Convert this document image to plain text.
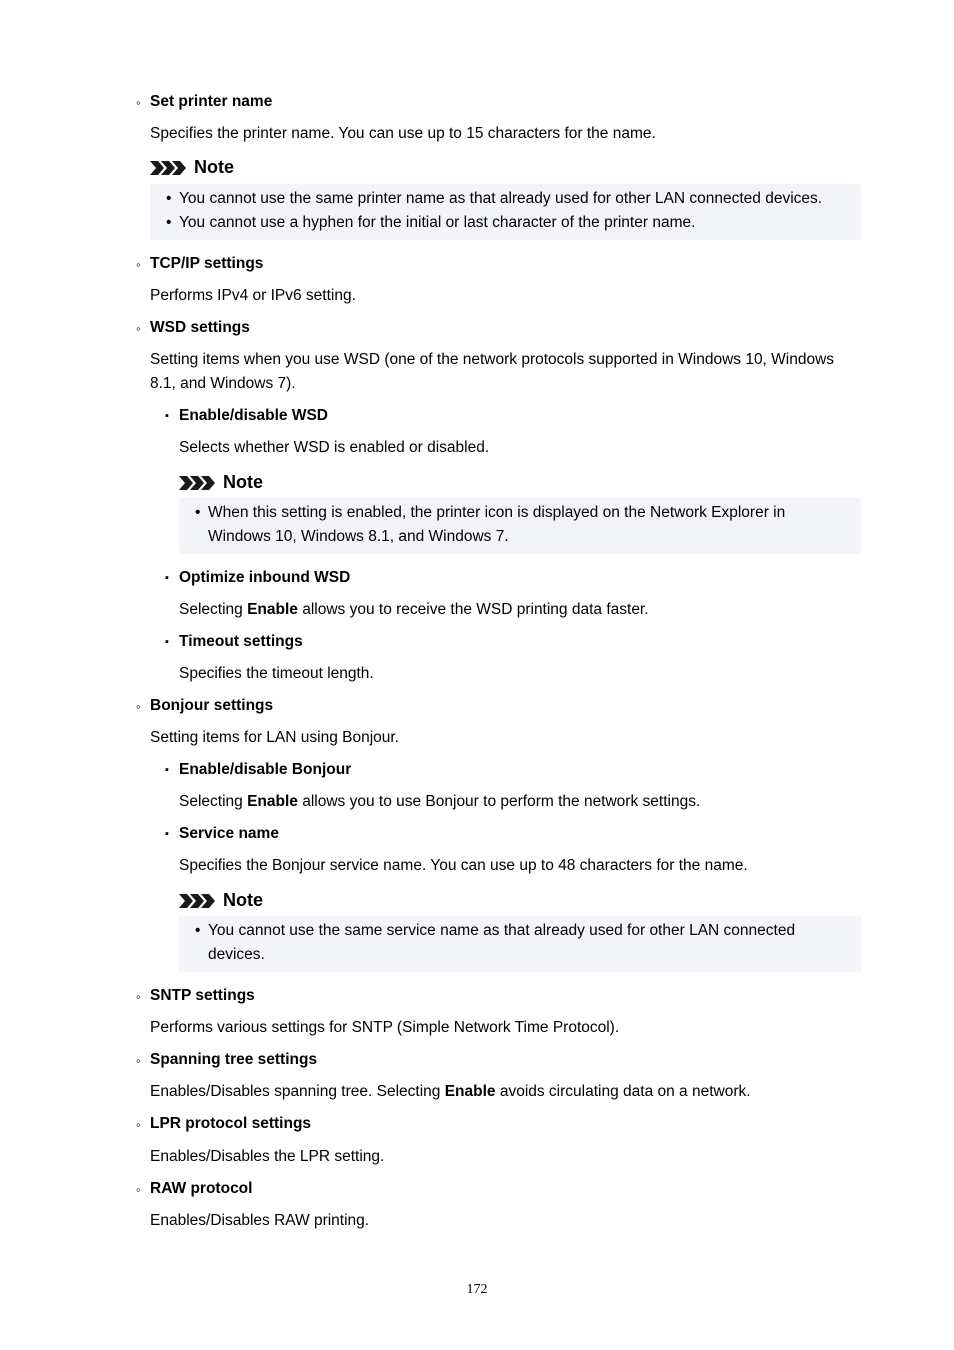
◦ Set printer name
Specifies the printer name. You can use up to 15 characters for the name.
Note
• You cannot use the same printer name as that already used for other LAN connected devices.
• You cannot use a hyphen for the initial or last character of the printer name.
◦ TCP/IP settings
Performs IPv4 or IPv6 setting.
◦ WSD settings
Setting items when you use WSD (one of the network protocols supported in Windows 10, Windows
8.1, and Windows 7).
▪ Enable/disable WSD
Selects whether WSD is enabled or disabled.
Note
• When this setting is enabled, the printer icon is displayed on the Network Explorer in
Windows 10, Windows 8.1, and Windows 7.
▪ Optimize inbound WSD
Selecting Enable allows you to receive the WSD printing data faster.
▪ Timeout settings
Specifies the timeout length.
◦ Bonjour settings
Setting items for LAN using Bonjour.
▪ Enable/disable Bonjour
Selecting Enable allows you to use Bonjour to perform the network settings.
▪ Service name
Specifies the Bonjour service name. You can use up to 48 characters for the name.
Note
• You cannot use the same service name as that already used for other LAN connected
devices.
◦ SNTP settings
Performs various settings for SNTP (Simple Network Time Protocol).
◦ Spanning tree settings
Enables/Disables spanning tree. Selecting Enable avoids circulating data on a network.
◦ LPR protocol settings
Enables/Disables the LPR setting.
◦ RAW protocol
Enables/Disables RAW printing.
172
